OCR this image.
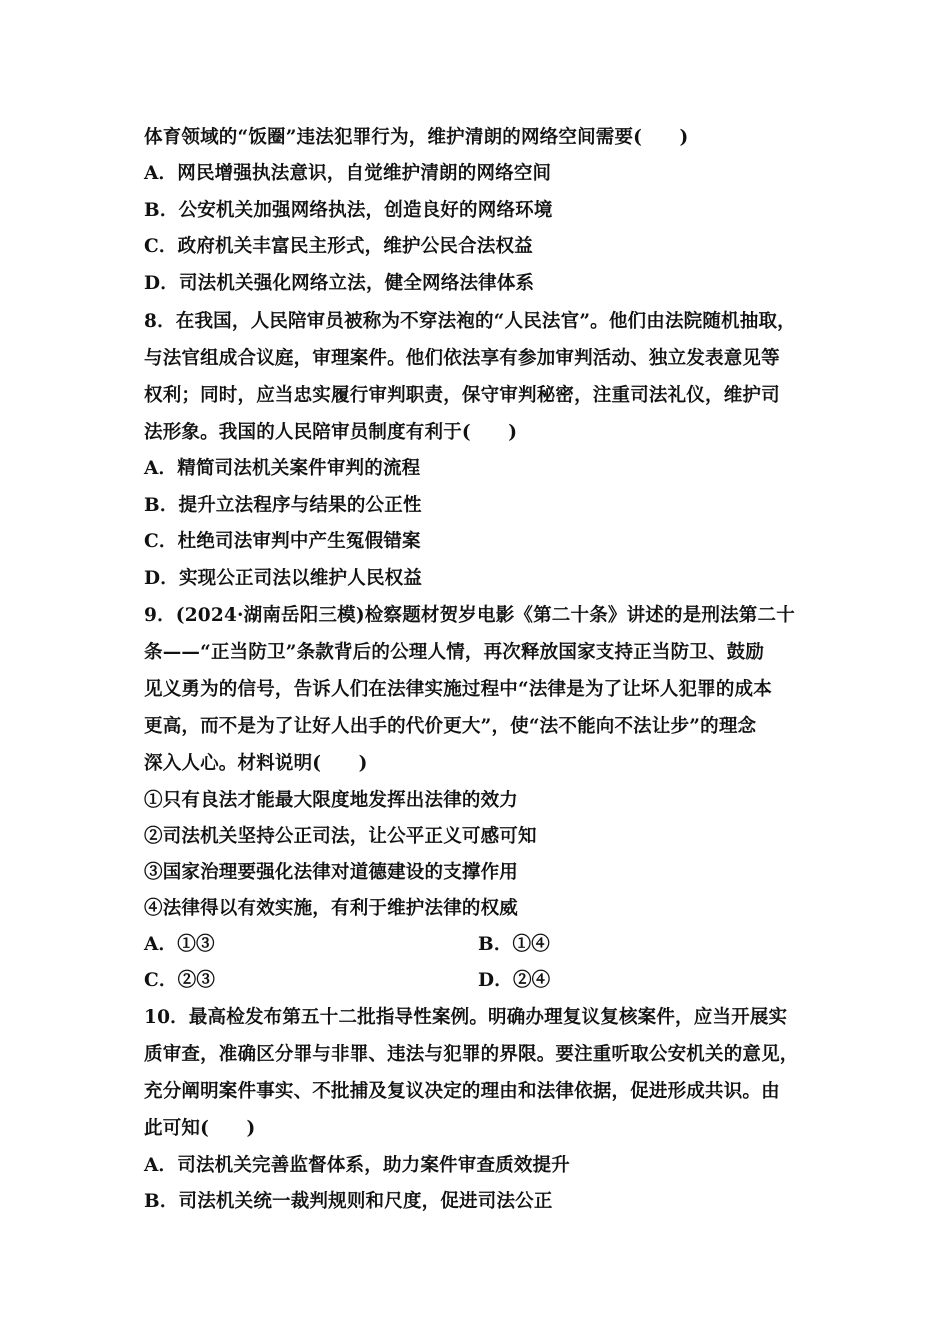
体育领域的“饭圈”违法犯罪行为，维护清朗的网络空间需要(　　)
A．网民增强执法意识，自觉维护清朗的网络空间
B．公安机关加强网络执法，创造良好的网络环境
C．政府机关丰富民主形式，维护公民合法权益
D．司法机关强化网络立法，健全网络法律体系
8．在我国，人民陪审员被称为不穿法袍的“人民法官”。他们由法院随机抽取，
与法官组成合议庭，审理案件。他们依法享有参加审判活动、独立发表意见等
权利；同时，应当忠实履行审判职责，保守审判秘密，注重司法礼仪，维护司
法形象。我国的人民陪审员制度有利于(　　)
A．精简司法机关案件审判的流程
B．提升立法程序与结果的公正性
C．杜绝司法审判中产生冤假错案
D．实现公正司法以维护人民权益
9．(2024·湖南岳阳三模)检察题材贺岁电影《第二十条》讲述的是刑法第二十
条——“正当防卫”条款背后的公理人情，再次释放国家支持正当防卫、鼓励
见义勇为的信号，告诉人们在法律实施过程中“法律是为了让坏人犯罪的成本
更高，而不是为了让好人出手的代价更大”，使“法不能向不法让步”的理念
深入人心。材料说明(　　)
①只有良法才能最大限度地发挥出法律的效力
②司法机关坚持公正司法，让公平正义可感可知
③国家治理要强化法律对道德建设的支撑作用
④法律得以有效实施，有利于维护法律的权威
A．①③	B．①④
C．②③	D．②④
10．最高检发布第五十二批指导性案例。明确办理复议复核案件，应当开展实
质审查，准确区分罪与非罪、违法与犯罪的界限。要注重听取公安机关的意见，
充分阐明案件事实、不批捕及复议决定的理由和法律依据，促进形成共识。由
此可知(　　)
A．司法机关完善监督体系，助力案件审查质效提升
B．司法机关统一裁判规则和尺度，促进司法公正
